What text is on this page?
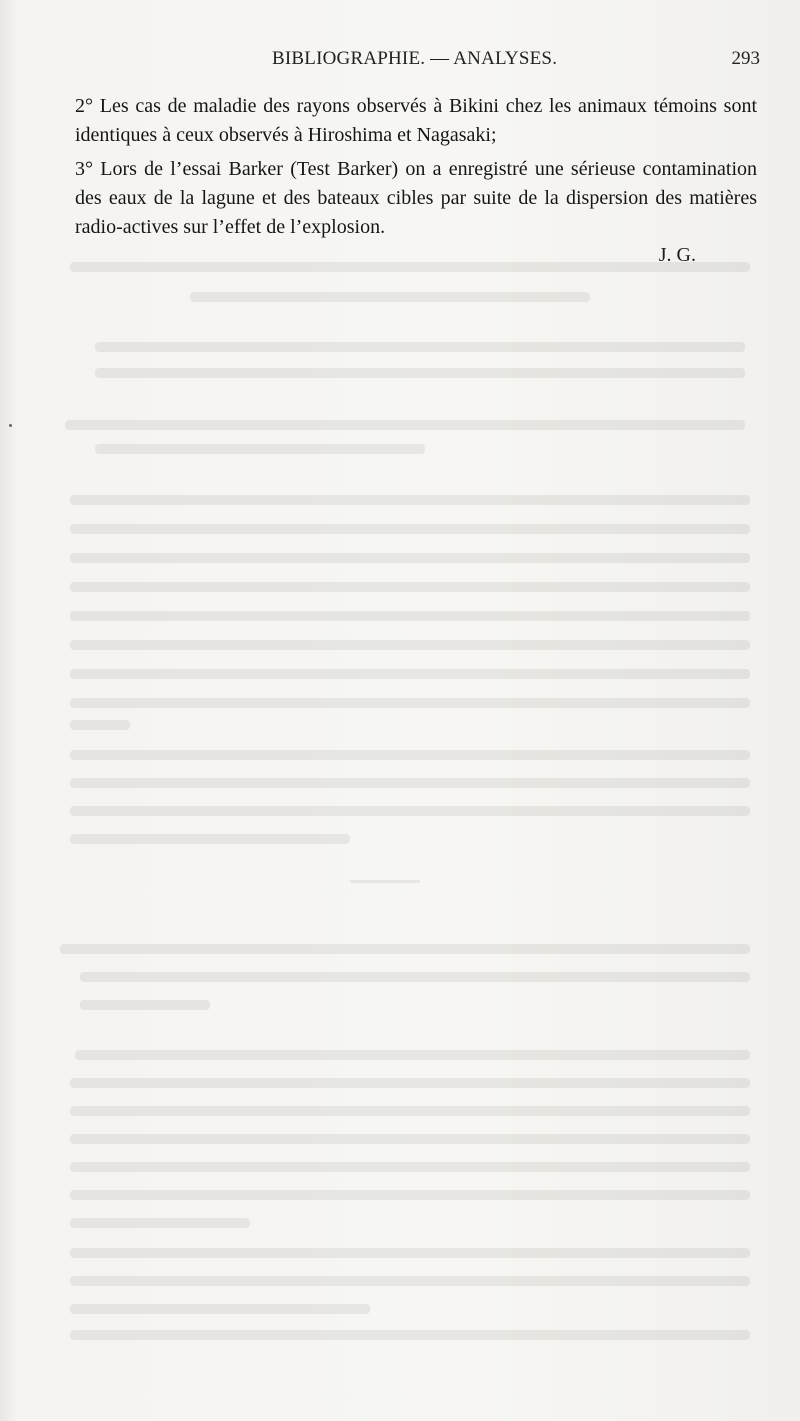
BIBLIOGRAPHIE. — ANALYSES.	293
2° Les cas de maladie des rayons observés à Bikini chez les animaux témoins sont identiques à ceux observés à Hiroshima et Nagasaki;
3° Lors de l’essai Barker (Test Barker) on a enregistré une sérieuse contamination des eaux de la lagune et des bateaux cibles par suite de la dispersion des matières radio-actives sur l’effet de l’explosion.
J. G.
